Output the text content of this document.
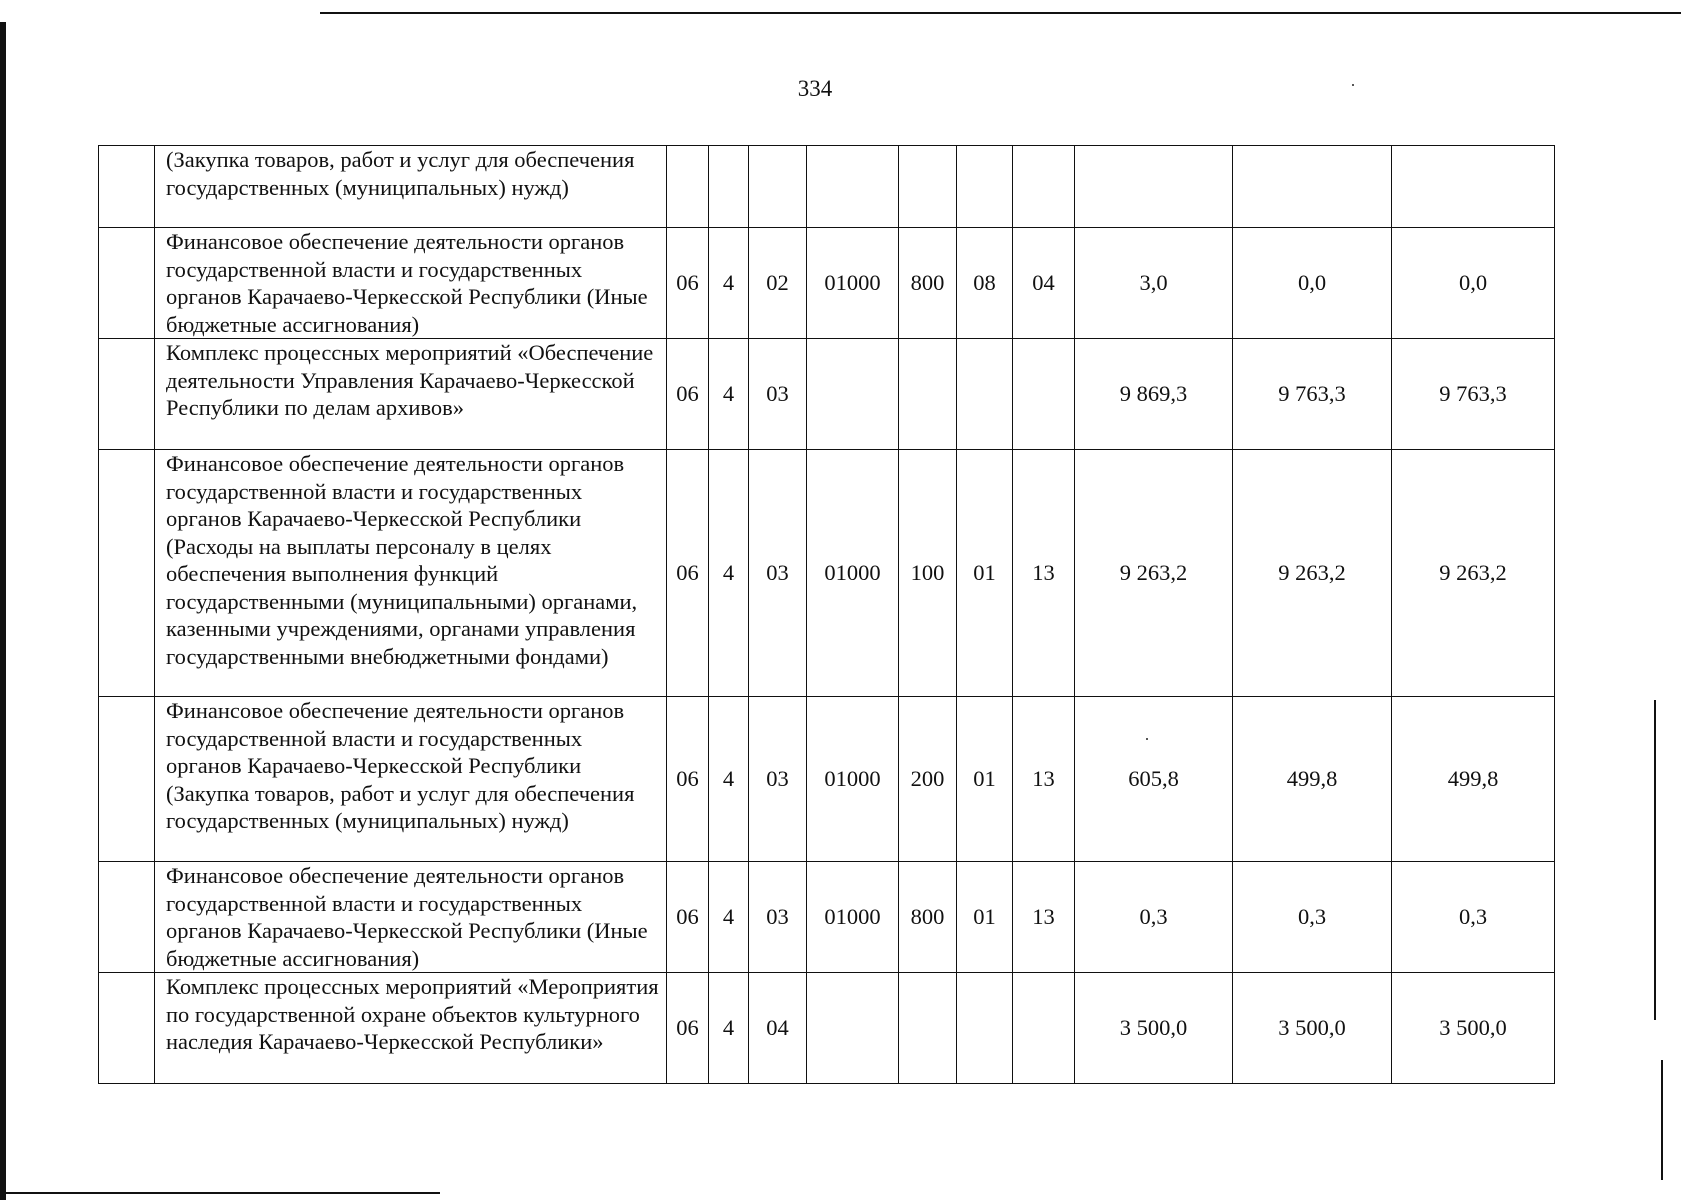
334
	(Закупка товаров, работ и услуг для обеспечения государственных (муниципальных) нужд)										
	Финансовое обеспечение деятельности органов государственной власти и государственных органов Карачаево-Черкесской Республики (Иные бюджетные ассигнования)	06	4	02	01000	800	08	04	3,0	0,0	0,0
	Комплекс процессных мероприятий «Обеспечение деятельности Управления Карачаево-Черкесской Республики по делам архивов»	06	4	03					9 869,3	9 763,3	9 763,3
	Финансовое обеспечение деятельности органов государственной власти и государственных органов Карачаево-Черкесской Республики (Расходы на выплаты персоналу в целях обеспечения выполнения функций государственными (муниципальными) органами, казенными учреждениями, органами управления государственными внебюджетными фондами)	06	4	03	01000	100	01	13	9 263,2	9 263,2	9 263,2
	Финансовое обеспечение деятельности органов государственной власти и государственных органов Карачаево-Черкесской Республики (Закупка товаров, работ и услуг для обеспечения государственных (муниципальных) нужд)	06	4	03	01000	200	01	13	605,8	499,8	499,8
	Финансовое обеспечение деятельности органов государственной власти и государственных органов Карачаево-Черкесской Республики (Иные бюджетные ассигнования)	06	4	03	01000	800	01	13	0,3	0,3	0,3
	Комплекс процессных мероприятий «Мероприятия по государственной охране объектов культурного наследия Карачаево-Черкесской Республики»	06	4	04					3 500,0	3 500,0	3 500,0
